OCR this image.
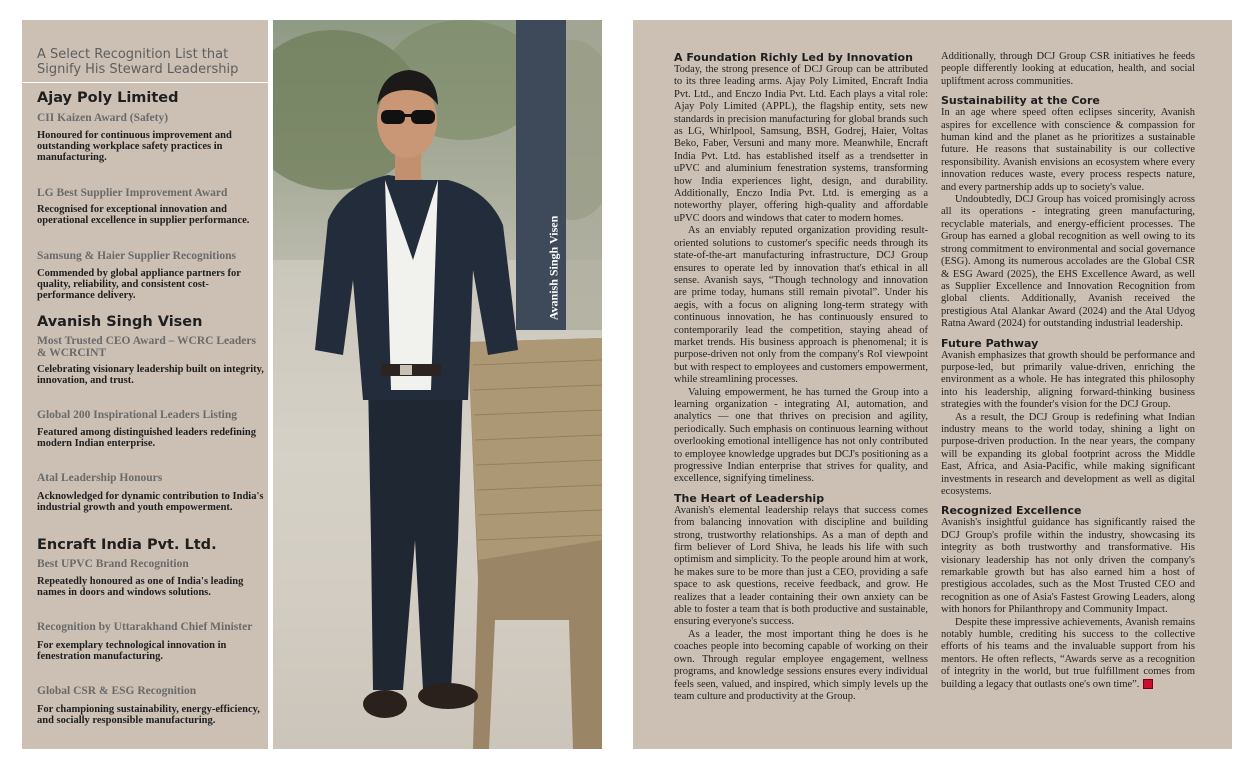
A Select Recognition List that
Signify His Steward Leadership
Ajay Poly Limited
CII Kaizen Award (Safety)
Honoured for continuous improvement and outstanding workplace safety practices in manufacturing.
LG Best Supplier Improvement Award
Recognised for exceptional innovation and operational excellence in supplier performance.
Samsung & Haier Supplier Recognitions
Commended by global appliance partners for quality, reliability, and consistent cost-performance delivery.
Avanish Singh Visen
Most Trusted CEO Award – WCRC Leaders & WCRCINT
Celebrating visionary leadership built on integrity, innovation, and trust.
Global 200 Inspirational Leaders Listing
Featured among distinguished leaders redefining modern Indian enterprise.
Atal Leadership Honours
Acknowledged for dynamic contribution to India's industrial growth and youth empowerment.
Encraft India Pvt. Ltd.
Best UPVC Brand Recognition
Repeatedly honoured as one of India's leading names in doors and windows solutions.
Recognition by Uttarakhand Chief Minister
For exemplary technological innovation in fenestration manufacturing.
Global CSR & ESG Recognition
For championing sustainability, energy-efficiency, and socially responsible manufacturing.
Avanish Singh Visen
A Foundation Richly Led by Innovation

Today, the strong presence of DCJ Group can be attributed to its three leading arms. Ajay Poly Limited, Encraft India Pvt. Ltd., and Enczo India Pvt. Ltd. Each plays a vital role: Ajay Poly Limited (APPL), the flagship entity, sets new standards in precision manufacturing for global brands such as LG, Whirlpool, Samsung, BSH, Godrej, Haier, Voltas Beko, Faber, Versuni and many more. Meanwhile, Encraft India Pvt. Ltd. has established itself as a trendsetter in uPVC and aluminium fenestration systems, transforming how India experiences light, design, and durability. Additionally, Enczo India Pvt. Ltd. is emerging as a noteworthy player, offering high-quality and affordable uPVC doors and windows that cater to modern homes.

As an enviably reputed organization providing result-oriented solutions to customer's specific needs through its state-of-the-art manufacturing infrastructure, DCJ Group ensures to operate led by innovation that's ethical in all sense. Avanish says, “Though technology and innovation are prime today, humans still remain pivotal”. Under his aegis, with a focus on aligning long-term strategy with continuous innovation, he has continuously ensured to contemporarily lead the competition, staying ahead of market trends. His business approach is phenomenal; it is purpose-driven not only from the company's RoI viewpoint but with respect to employees and customers empowerment, while streamlining processes.

Valuing empowerment, he has turned the Group into a learning organization - integrating AI, automation, and analytics — one that thrives on precision and agility, periodically. Such emphasis on continuous learning without overlooking emotional intelligence has not only contributed to employee knowledge upgrades but DCJ's positioning as a progressive Indian enterprise that strives for quality, and excellence, signifying timeliness.

The Heart of Leadership

Avanish's elemental leadership relays that success comes from balancing innovation with discipline and building strong, trustworthy relationships. As a man of depth and firm believer of Lord Shiva, he leads his life with such optimism and simplicity. To the people around him at work, he makes sure to be more than just a CEO, providing a safe space to ask questions, receive feedback, and grow. He realizes that a leader containing their own anxiety can be able to foster a team that is both productive and sustainable, ensuring everyone's success.

As a leader, the most important thing he does is he coaches people into becoming capable of working on their own. Through regular employee engagement, wellness programs, and knowledge sessions ensures every individual feels seen, valued, and inspired, which simply levels up the team culture and productivity at the Group.

Additionally, through DCJ Group CSR initiatives he feeds people differently looking at education, health, and social upliftment across communities.

Sustainability at the Core

In an age where speed often eclipses sincerity, Avanish aspires for excellence with conscience & compassion for human kind and the planet as he prioritizes a sustainable future. He reasons that sustainability is our collective responsibility. Avanish envisions an ecosystem where every innovation reduces waste, every process respects nature, and every partnership adds up to society's value.

Undoubtedly, DCJ Group has voiced promisingly across all its operations - integrating green manufacturing, recyclable materials, and energy-efficient processes. The Group has earned a global recognition as well owing to its strong commitment to environmental and social governance (ESG). Among its numerous accolades are the Global CSR & ESG Award (2025), the EHS Excellence Award, as well as Supplier Excellence and Innovation Recognition from global clients. Additionally, Avanish received the prestigious Atal Alankar Award (2024) and the Atal Udyog Ratna Award (2024) for outstanding industrial leadership.

Future Pathway

Avanish emphasizes that growth should be performance and purpose-led, but primarily value-driven, enriching the environment as a whole. He has integrated this philosophy into his leadership, aligning forward-thinking business strategies with the founder's vision for the DCJ Group.

As a result, the DCJ Group is redefining what Indian industry means to the world today, shining a light on purpose-driven production. In the near years, the company will be expanding its global footprint across the Middle East, Africa, and Asia-Pacific, while making significant investments in research and development as well as digital ecosystems.

Recognized Excellence

Avanish's insightful guidance has significantly raised the DCJ Group's profile within the industry, showcasing its integrity as both trustworthy and transformative. His visionary leadership has not only driven the company's remarkable growth but has also earned him a host of prestigious accolades, such as the Most Trusted CEO and recognition as one of Asia's Fastest Growing Leaders, along with honors for Philanthropy and Community Impact.

Despite these impressive achievements, Avanish remains notably humble, crediting his success to the collective efforts of his teams and the invaluable support from his mentors. He often reflects, “Awards serve as a recognition of integrity in the world, but true fulfillment comes from building a legacy that outlasts one's own time”.
